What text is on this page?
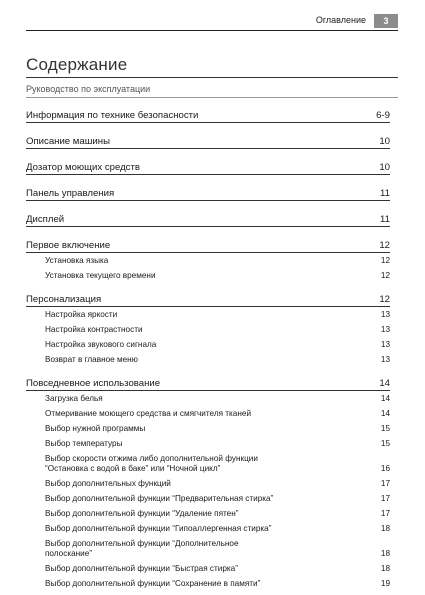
Оглавление	3
Содержание
Руководство по эксплуатации
Информация по технике безопасности	6-9
Описание машины	10
Дозатор моющих средств	10
Панель управления	11
Дисплей	11
Первое включение	12
Установка языка	12
Установка текущего времени	12
Персонализация	12
Настройка яркости	13
Настройка контрастности	13
Настройка звукового сигнала	13
Возврат в главное меню	13
Повседневное использование	14
Загрузка белья	14
Отмеривание моющего средства и смягчителя тканей	14
Выбор нужной программы	15
Выбор температуры	15
Выбор скорости отжима либо дополнительной функции
“Остановка с водой в баке” или “Ночной цикл”	16
Выбор дополнительных функций	17
Выбор дополнительной функции “Предварительная стирка”	17
Выбор дополнительной функции “Удаление пятен”	17
Выбор дополнительной функции “Гипоаллергенная стирка”	18
Выбор дополнительной функции “Дополнительное
полоскание”	18
Выбор дополнительной функции “Быстрая стирка”	18
Выбор дополнительной функции “Сохранение в памяти”	19
